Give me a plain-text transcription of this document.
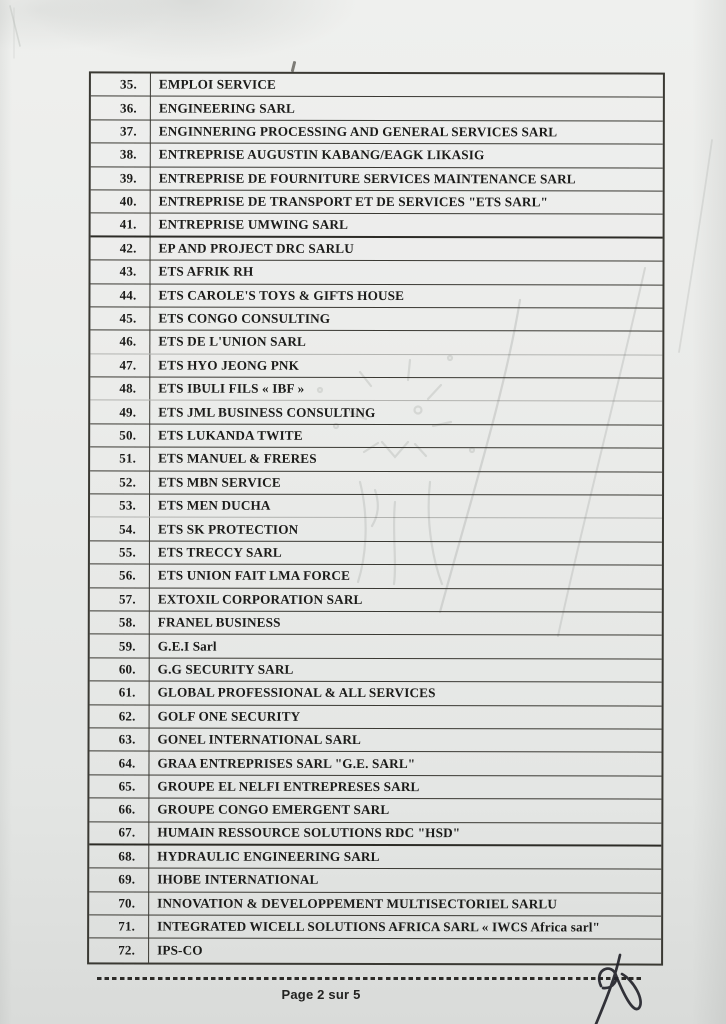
35.	EMPLOI SERVICE
36.	ENGINEERING SARL
37.	ENGINNERING PROCESSING AND GENERAL SERVICES SARL
38.	ENTREPRISE AUGUSTIN KABANG/EAGK LIKASIG
39.	ENTREPRISE DE FOURNITURE SERVICES MAINTENANCE SARL
40.	ENTREPRISE DE TRANSPORT ET DE SERVICES "ETS SARL"
41.	ENTREPRISE UMWING SARL
42.	EP AND PROJECT DRC SARLU
43.	ETS AFRIK RH
44.	ETS CAROLE'S TOYS & GIFTS HOUSE
45.	ETS CONGO CONSULTING
46.	ETS DE L'UNION SARL
47.	ETS HYO JEONG PNK
48.	ETS IBULI FILS « IBF »
49.	ETS JML BUSINESS CONSULTING
50.	ETS LUKANDA TWITE
51.	ETS MANUEL & FRERES
52.	ETS MBN SERVICE
53.	ETS MEN DUCHA
54.	ETS SK PROTECTION
55.	ETS TRECCY SARL
56.	ETS UNION FAIT LMA FORCE
57.	EXTOXIL CORPORATION SARL
58.	FRANEL BUSINESS
59.	G.E.I Sarl
60.	G.G SECURITY SARL
61.	GLOBAL PROFESSIONAL & ALL SERVICES
62.	GOLF ONE SECURITY
63.	GONEL INTERNATIONAL SARL
64.	GRAA ENTREPRISES SARL "G.E. SARL"
65.	GROUPE EL NELFI ENTREPRESES SARL
66.	GROUPE CONGO EMERGENT SARL
67.	HUMAIN RESSOURCE SOLUTIONS RDC "HSD"
68.	HYDRAULIC ENGINEERING SARL
69.	IHOBE INTERNATIONAL
70.	INNOVATION & DEVELOPPEMENT MULTISECTORIEL SARLU
71.	INTEGRATED WICELL SOLUTIONS AFRICA SARL « IWCS Africa sarl"
72.	IPS-CO
Page 2 sur 5
